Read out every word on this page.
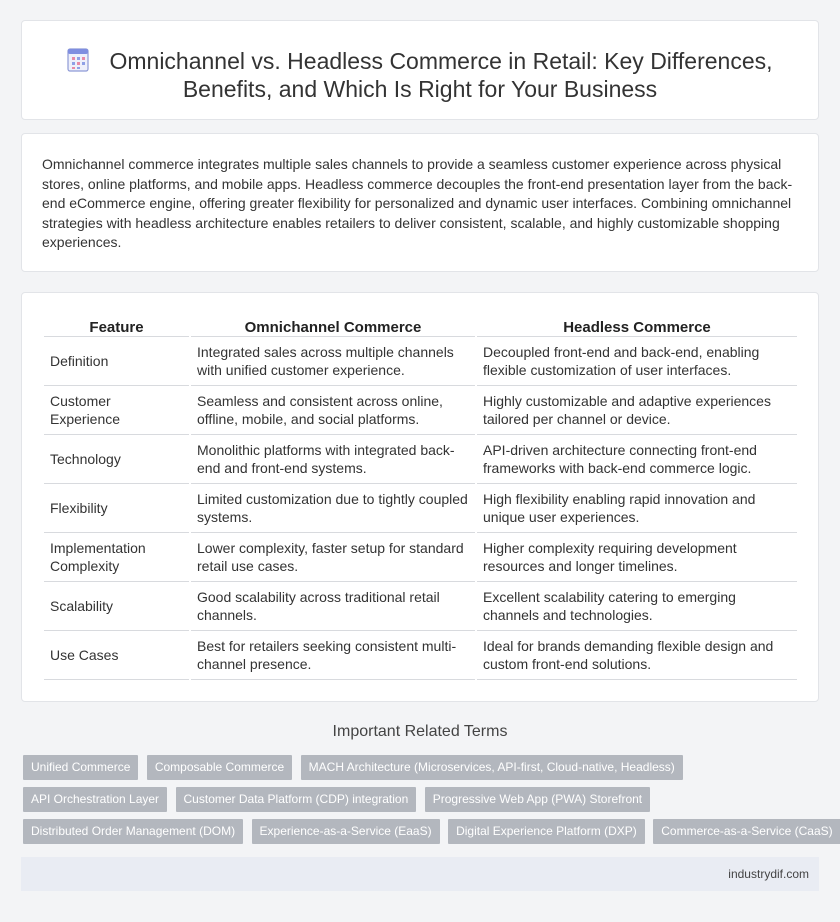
Omnichannel vs. Headless Commerce in Retail: Key Differences,
Benefits, and Which Is Right for Your Business

Omnichannel commerce integrates multiple sales channels to provide a seamless customer experience across physical stores, online platforms, and mobile apps. Headless commerce decouples the front-end presentation layer from the back-end eCommerce engine, offering greater flexibility for personalized and dynamic user interfaces. Combining omnichannel strategies with headless architecture enables retailers to deliver consistent, scalable, and highly customizable shopping experiences.

Feature	Omnichannel Commerce	Headless Commerce
Definition	Integrated sales across multiple channels with unified customer experience.	Decoupled front-end and back-end, enabling flexible customization of user interfaces.
Customer Experience	Seamless and consistent across online, offline, mobile, and social platforms.	Highly customizable and adaptive experiences tailored per channel or device.
Technology	Monolithic platforms with integrated back-end and front-end systems.	API-driven architecture connecting front-end frameworks with back-end commerce logic.
Flexibility	Limited customization due to tightly coupled systems.	High flexibility enabling rapid innovation and unique user experiences.
Implementation Complexity	Lower complexity, faster setup for standard retail use cases.	Higher complexity requiring development resources and longer timelines.
Scalability	Good scalability across traditional retail channels.	Excellent scalability catering to emerging channels and technologies.
Use Cases	Best for retailers seeking consistent multi-channel presence.	Ideal for brands demanding flexible design and custom front-end solutions.
Important Related Terms
Unified Commerce Composable Commerce MACH Architecture (Microservices, API-first, Cloud-native, Headless)
API Orchestration Layer Customer Data Platform (CDP) integration Progressive Web App (PWA) Storefront
Distributed Order Management (DOM) Experience-as-a-Service (EaaS) Digital Experience Platform (DXP) Commerce-as-a-Service (CaaS)
industrydif.com
